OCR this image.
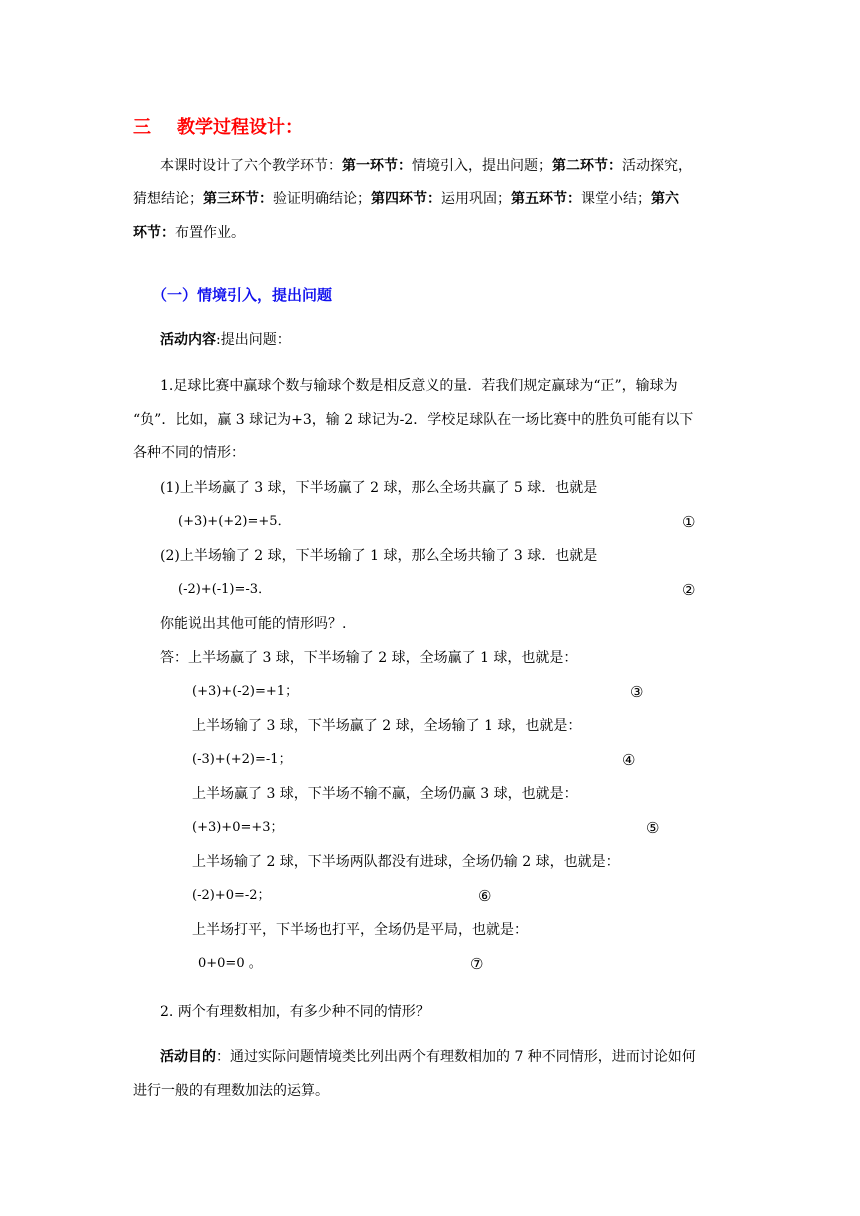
三 教学过程设计：
本课时设计了六个教学环节：第一环节：情境引入，提出问题；第二环节：活动探究，
猜想结论；第三环节：验证明确结论；第四环节：运用巩固；第五环节：课堂小结；第六
环节：布置作业。
（一）情境引入，提出问题
活动内容:提出问题：
1.足球比赛中赢球个数与输球个数是相反意义的量．若我们规定赢球为“正”，输球为
“负”．比如，赢 3 球记为+3，输 2 球记为-2．学校足球队在一场比赛中的胜负可能有以下
各种不同的情形：
(1)上半场赢了 3 球，下半场赢了 2 球，那么全场共赢了 5 球．也就是
(+3)+(+2)=+5．	①
(2)上半场输了 2 球，下半场输了 1 球，那么全场共输了 3 球．也就是
(-2)+(-1)=-3．	②
你能说出其他可能的情形吗？.
答：上半场赢了 3 球，下半场输了 2 球，全场赢了 1 球，也就是：
(+3)+(-2)=+1；	③
上半场输了 3 球，下半场赢了 2 球，全场输了 1 球，也就是：
(-3)+(+2)=-1；	④
上半场赢了 3 球，下半场不输不赢，全场仍赢 3 球，也就是：
(+3)+0=+3；	⑤
上半场输了 2 球，下半场两队都没有进球，全场仍输 2 球，也就是：
(-2)+0=-2；	⑥
上半场打平，下半场也打平，全场仍是平局，也就是：
0+0=0 。	⑦
2. 两个有理数相加，有多少种不同的情形？
活动目的：通过实际问题情境类比列出两个有理数相加的 7 种不同情形，进而讨论如何
进行一般的有理数加法的运算。
